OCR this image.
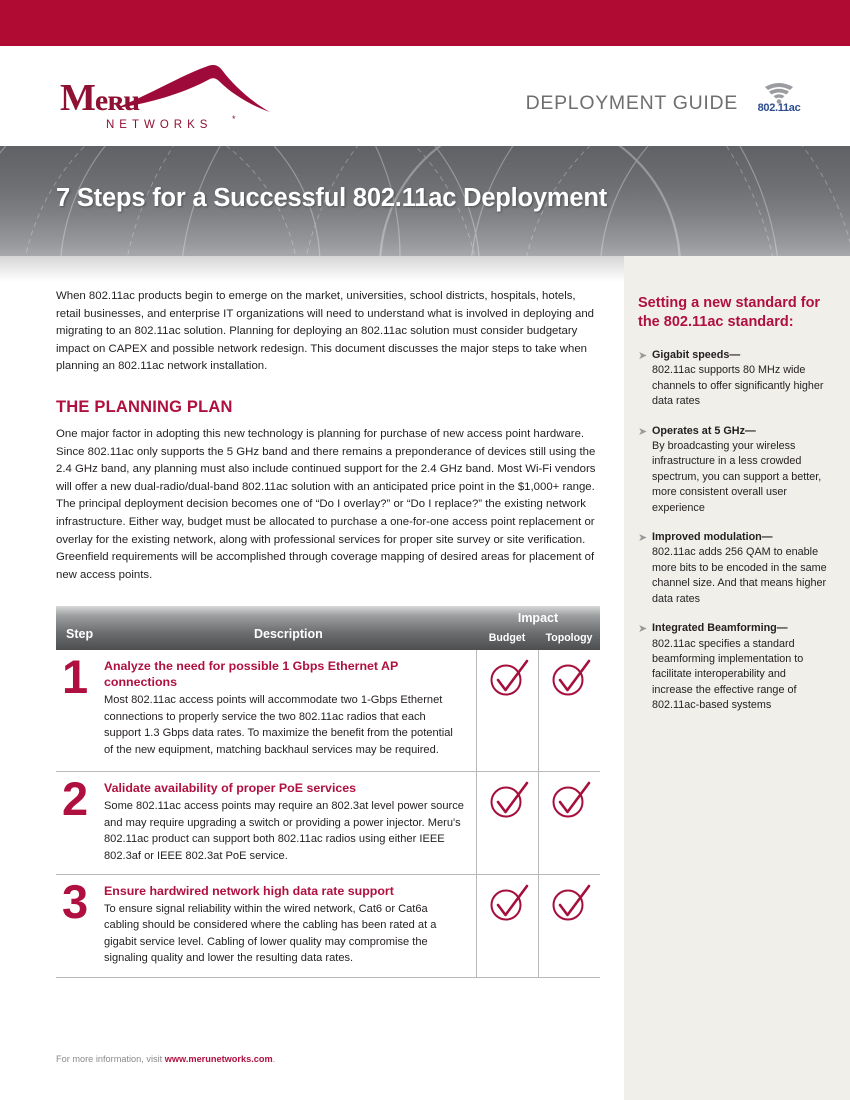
Meʀu
NETWORKS *
DEPLOYMENT GUIDE 802.11ac
7 Steps for a Successful 802.11ac Deployment
Setting a new standard for the 802.11ac standard:
➤ Gigabit speeds—
802.11ac supports 80 MHz wide channels to offer significantly higher data rates
➤ Operates at 5 GHz—
By broadcasting your wireless infrastructure in a less crowded spectrum, you can support a better, more consistent overall user experience
➤ Improved modulation—
802.11ac adds 256 QAM to enable more bits to be encoded in the same channel size. And that means higher data rates
➤ Integrated Beamforming—
802.11ac specifies a standard beamforming implementation to facilitate interoperability and increase the effective range of 802.11ac-based systems

When 802.11ac products begin to emerge on the market, universities, school districts, hospitals, hotels, retail businesses, and enterprise IT organizations will need to understand what is involved in deploying and migrating to an 802.11ac solution. Planning for deploying an 802.11ac solution must consider budgetary impact on CAPEX and possible network redesign. This document discusses the major steps to take when planning an 802.11ac network installation.

THE PLANNING PLAN

One major factor in adopting this new technology is planning for purchase of new access point hardware. Since 802.11ac only supports the 5 GHz band and there remains a preponderance of devices still using the 2.4 GHz band, any planning must also include continued support for the 2.4 GHz band. Most Wi-Fi vendors will offer a new dual-radio/dual-band 802.11ac solution with an anticipated price point in the $1,000+ range. The principal deployment decision becomes one of “Do I overlay?” or “Do I replace?” the existing network infrastructure. Either way, budget must be allocated to purchase a one-for-one access point replacement or overlay for the existing network, along with professional services for proper site survey or site verification. Greenfield requirements will be accomplished through coverage mapping of desired areas for placement of new access points.

Step	Description
Impact
Budget	Topology
1	Analyze the need for possible 1 Gbps Ethernet AP connections
Most 802.11ac access points will accommodate two 1-Gbps Ethernet connections to properly service the two 802.11ac radios that each support 1.3 Gbps data rates. To maximize the benefit from the potential of the new equipment, matching backhaul services may be required.
2	Validate availability of proper PoE services
Some 802.11ac access points may require an 802.3at level power source and may require upgrading a switch or providing a power injector. Meru's 802.11ac product can support both 802.11ac radios using either IEEE 802.3af or IEEE 802.3at PoE service.
3	Ensure hardwired network high data rate support
To ensure signal reliability within the wired network, Cat6 or Cat6a cabling should be considered where the cabling has been rated at a gigabit service level. Cabling of lower quality may compromise the signaling quality and lower the resulting data rates.
For more information, visit www.merunetworks.com.
